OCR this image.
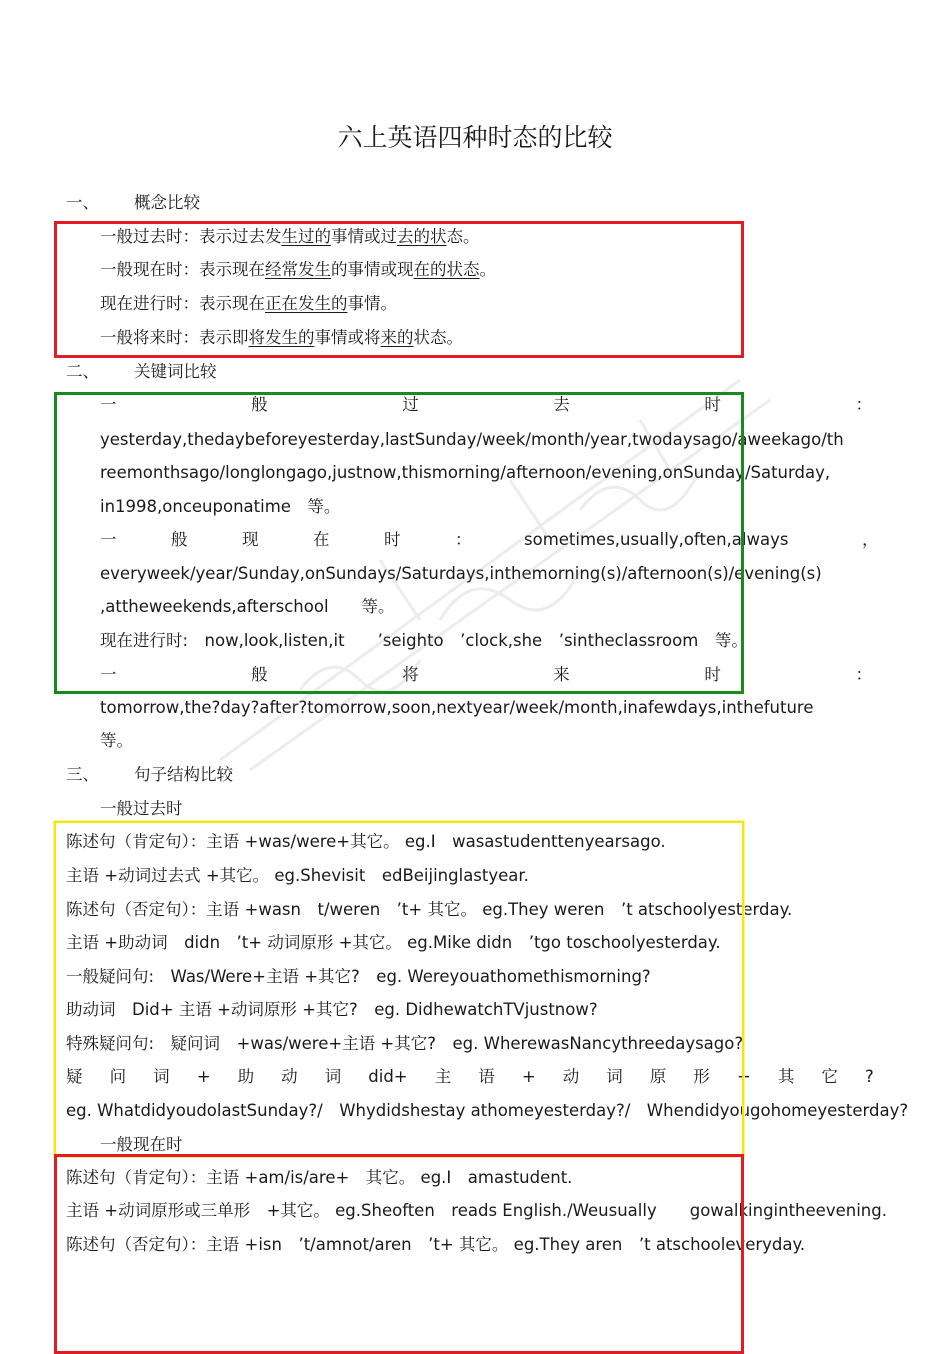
六上英语四种时态的比较
一、 概念比较
一般过去时：表示过去发生过的事情或过去的状态。
一般现在时：表示现在经常发生的事情或现在的状态。
现在进行时：表示现在正在发生的事情。
一般将来时：表示即将发生的事情或将来的状态。
二、 关键词比较
一	般	过	去	时	：
yesterday,thedaybeforeyesterday,lastSunday/week/month/year,twodaysago/aweekago/th
reemonthsago/longlongago,justnow,thismorning/afternoon/evening,onSunday/Saturday,
in1998,onceuponatime　等。
一	般	现	在	时	：	sometimes,usually,often,always	，
everyweek/year/Sunday,onSundays/Saturdays,inthemorning(s)/afternoon(s)/evening(s)
,attheweekends,afterschool　　等。
现在进行时:　now,look,listen,it　　’seighto　’clock,she　’sintheclassroom　等。
一	般	将	来	时	：
tomorrow,the?day?after?tomorrow,soon,nextyear/week/month,inafewdays,inthefuture
等。
三、 句子结构比较
一般过去时
陈述句（肯定句）：主语 +was/were+其它。 eg.I　wasastudenttenyearsago.
主语 +动词过去式 +其它。 eg.Shevisit　edBeijinglastyear.
陈述句（否定句）：主语 +wasn　t/weren　’t+ 其它。 eg.They weren　’t atschoolyesterday.
主语 +助动词　didn　’t+ 动词原形 +其它。 eg.Mike didn　’tgo toschoolyesterday.
一般疑问句:　Was/Were+主语 +其它?　eg. Wereyouathomethismorning?
助动词　Did+ 主语 +动词原形 +其它?　eg. DidhewatchTVjustnow?
特殊疑问句:　疑问词　+was/were+主语 +其它?　eg. WherewasNancythreedaysago?
疑 问 词 + 助 动 词 did+ 主 语 + 动 词 原 形 + 其 它 ?
eg. WhatdidyoudolastSunday?/　Whydidshestay athomeyesterday?/　Whendidyougohomeyesterday?
一般现在时
陈述句（肯定句）：主语 +am/is/are+　其它。 eg.I　amastudent.
主语 +动词原形或三单形　+其它。 eg.Sheoften　reads English./Weusually　　gowalkingintheevening.
陈述句（否定句）：主语 +isn　’t/amnot/aren　’t+ 其它。 eg.They aren　’t atschooleveryday.
